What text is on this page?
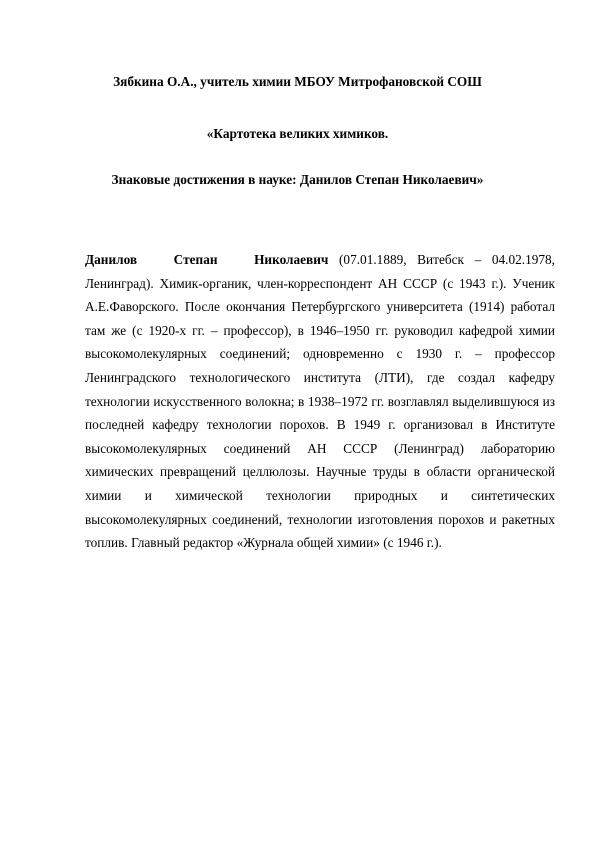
Зябкина О.А., учитель химии МБОУ Митрофановской СОШ
«Картотека великих химиков.
Знаковые достижения в науке: Данилов Степан Николаевич»

Данилов Степан Николаевич (07.01.1889, Витебск – 04.02.1978, Ленинград). Химик-органик, член-корреспондент АН СССР (с 1943 г.). Ученик А.Е.Фаворского. После окончания Петербургского университета (1914) работал там же (с 1920-х гг. – профессор), в 1946–1950 гг. руководил кафедрой химии высокомолекулярных соединений; одновременно с 1930 г. – профессор Ленинградского технологического института (ЛТИ), где создал кафедру технологии искусственного волокна; в 1938–1972 гг. возглавлял выделившуюся из последней кафедру технологии порохов. В 1949 г. организовал в Институте высокомолекулярных соединений АН СССР (Ленинград) лабораторию химических превращений целлюлозы. Научные труды в области органической химии и химической технологии природных и синтетических высокомолекулярных соединений, технологии изготовления порохов и ракетных топлив. Главный редактор «Журнала общей химии» (с 1946 г.).
